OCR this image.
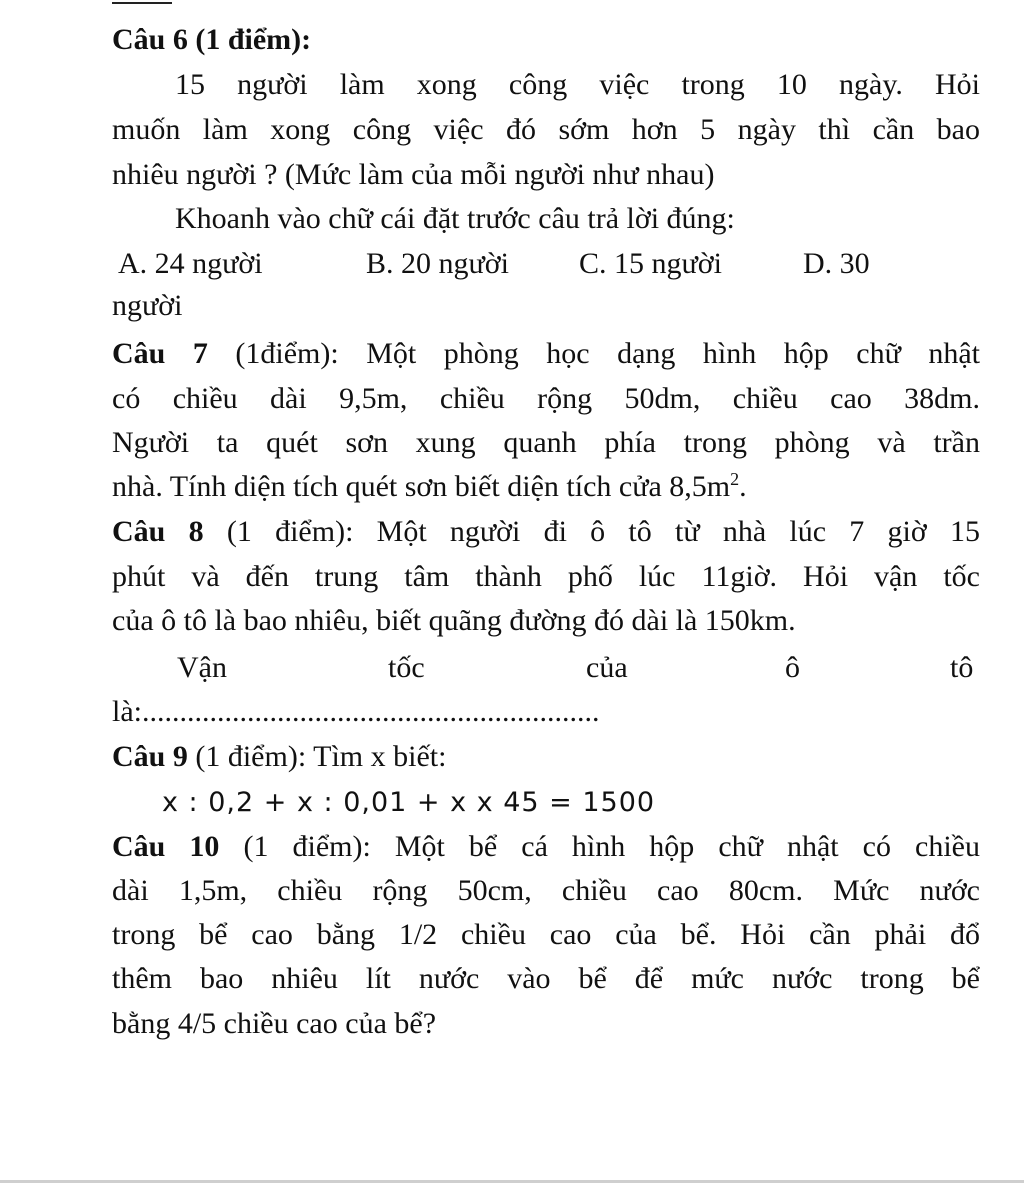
Câu 6 (1 điểm):
15 người làm xong công việc trong 10 ngày. Hỏi
muốn làm xong công việc đó sớm hơn 5 ngày thì cần bao
nhiêu người ? (Mức làm của mỗi người như nhau)
Khoanh vào chữ cái đặt trước câu trả lời đúng:
A. 24 người	B. 20 người C. 15 người	D. 30
người
Câu 7 (1điểm): Một phòng học dạng hình hộp chữ nhật
có chiều dài 9,5m, chiều rộng 50dm, chiều cao 38dm.
Người ta quét sơn xung quanh phía trong phòng và trần
nhà. Tính diện tích quét sơn biết diện tích cửa $8,5m^2$.
Câu 8 (1 điểm): Một người đi ô tô từ nhà lúc 7 giờ 15
phút và đến trung tâm thành phố lúc 11giờ. Hỏi vận tốc
của ô tô là bao nhiêu, biết quãng đường đó dài là 150km.
Vận	tốc	của	ô	tô
là:.............................................................
Câu 9 (1 điểm): Tìm x biết:
x : 0,2 + x : 0,01 + x x 45 = 1500
Câu 10 (1 điểm): Một bể cá hình hộp chữ nhật có chiều
dài 1,5m, chiều rộng 50cm, chiều cao 80cm. Mức nước
trong bể cao bằng 1/2 chiều cao của bể. Hỏi cần phải đổ
thêm bao nhiêu lít nước vào bể để mức nước trong bể
bằng 4/5 chiều cao của bể?
